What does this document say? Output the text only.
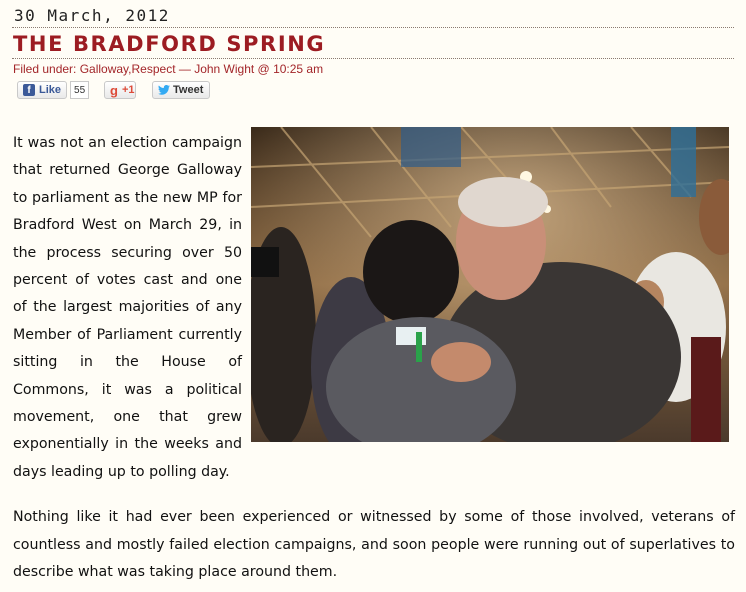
30 March, 2012
THE BRADFORD SPRING
Filed under: Galloway,Respect — John Wight @ 10:25 am
f Like	55	g +1	Tweet
It was not an election campaign that returned George Galloway to parliament as the new MP for Bradford West on March 29, in the process securing over 50 percent of votes cast and one of the largest majorities of any Member of Parliament currently sitting in the House of Commons, it was a political movement, one that grew exponentially in the weeks and days leading up to polling day.
Nothing like it had ever been experienced or witnessed by some of those involved, veterans of countless and mostly failed election campaigns, and soon people were running out of superlatives to describe what was taking place around them.
